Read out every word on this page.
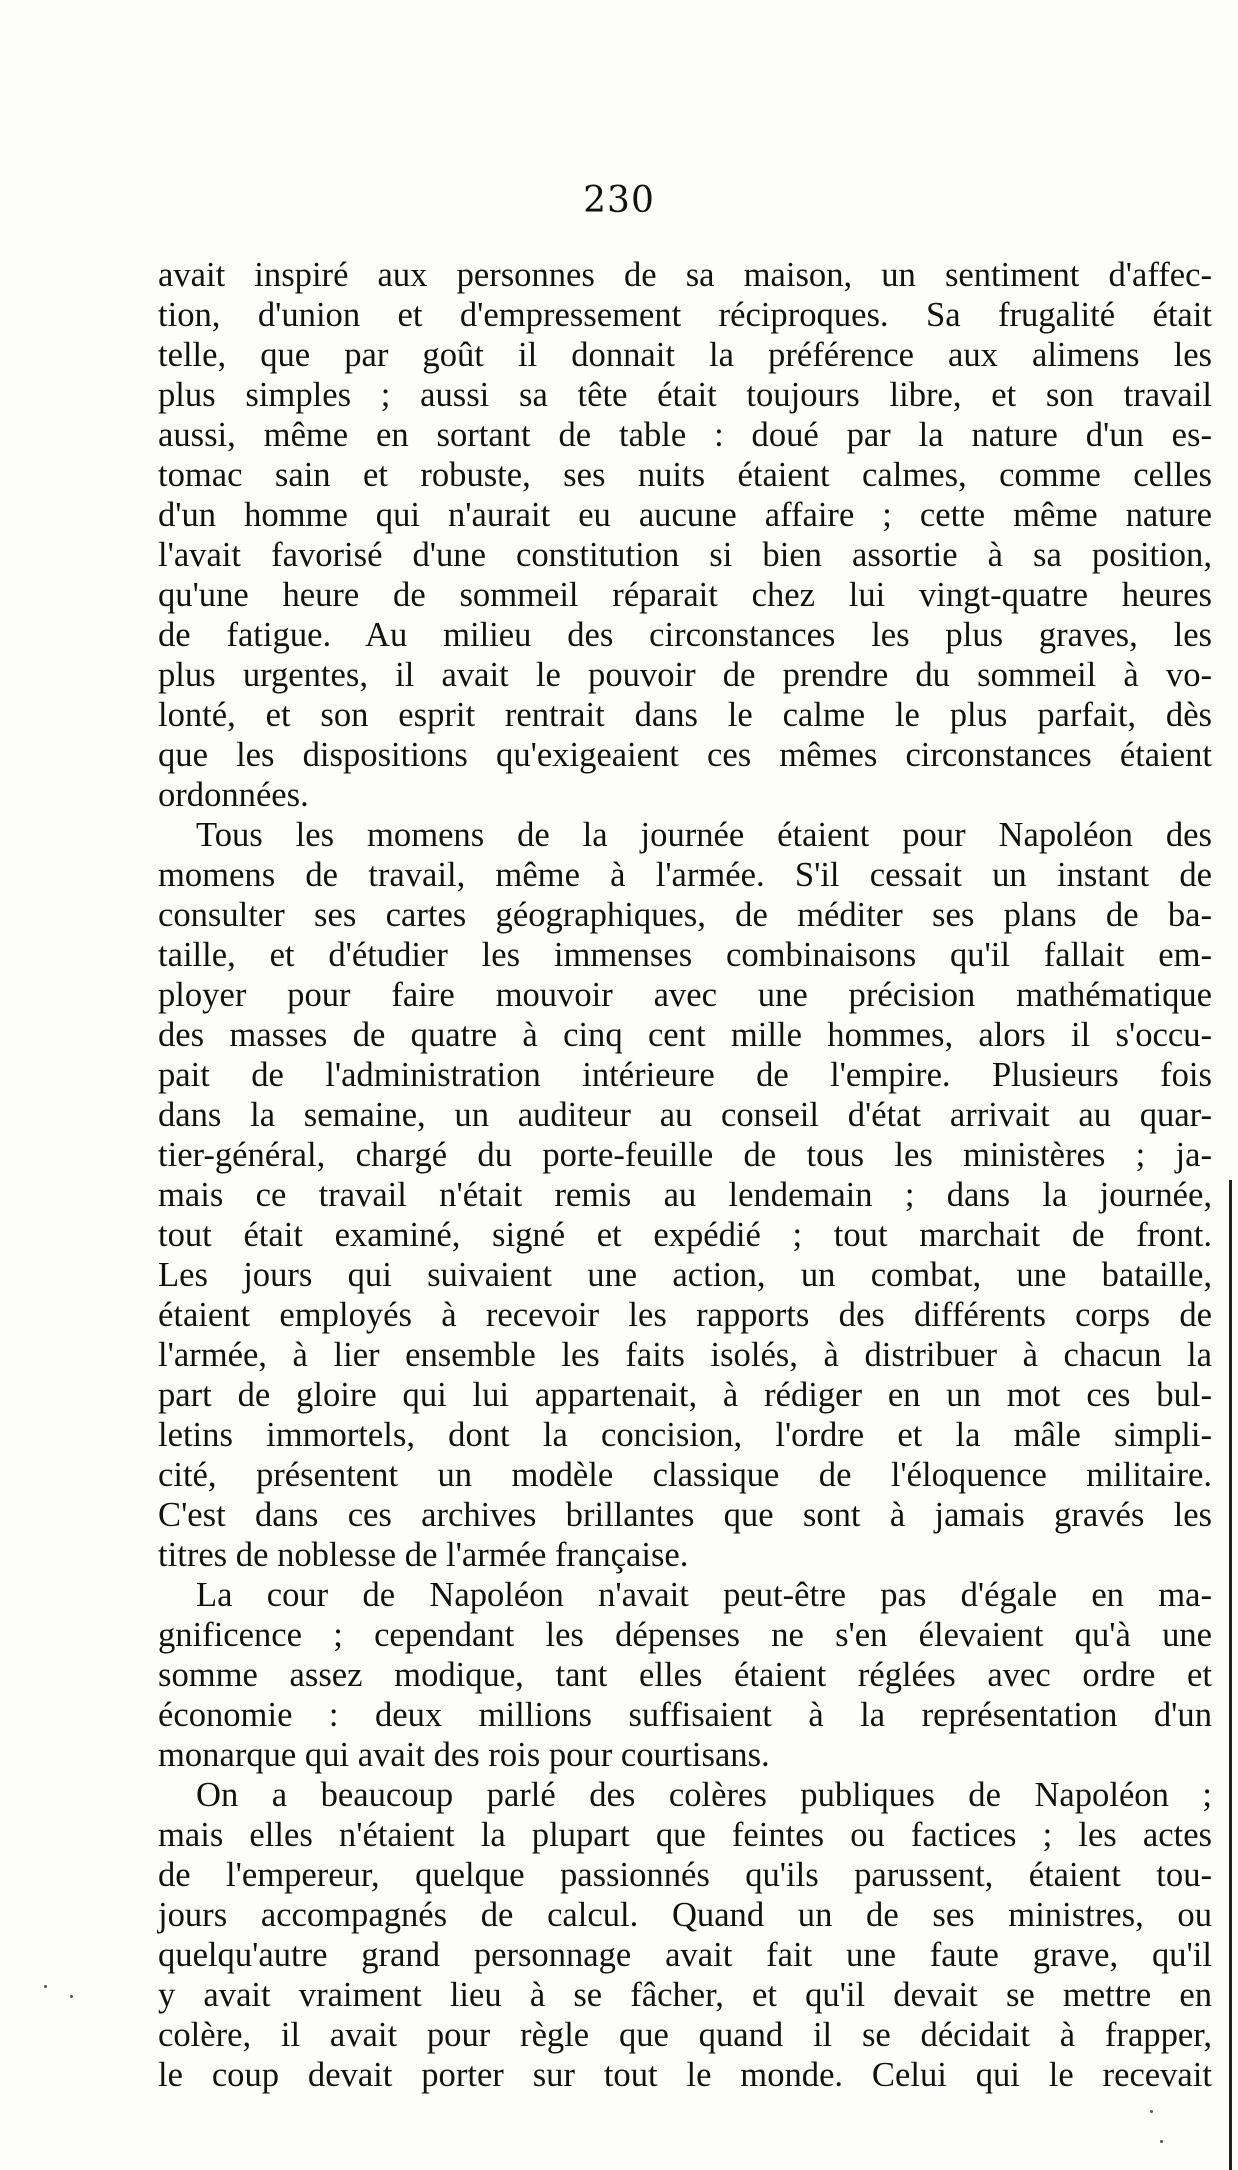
230
avait inspiré aux personnes de sa maison, un sentiment d'affec-
tion, d'union et d'empressement réciproques. Sa frugalité était
telle, que par goût il donnait la préférence aux alimens les
plus simples ; aussi sa tête était toujours libre, et son travail
aussi, même en sortant de table : doué par la nature d'un es-
tomac sain et robuste, ses nuits étaient calmes, comme celles
d'un homme qui n'aurait eu aucune affaire ; cette même nature
l'avait favorisé d'une constitution si bien assortie à sa position,
qu'une heure de sommeil réparait chez lui vingt-quatre heures
de fatigue. Au milieu des circonstances les plus graves, les
plus urgentes, il avait le pouvoir de prendre du sommeil à vo-
lonté, et son esprit rentrait dans le calme le plus parfait, dès
que les dispositions qu'exigeaient ces mêmes circonstances étaient
ordonnées.
Tous les momens de la journée étaient pour Napoléon des
momens de travail, même à l'armée. S'il cessait un instant de
consulter ses cartes géographiques, de méditer ses plans de ba-
taille, et d'étudier les immenses combinaisons qu'il fallait em-
ployer pour faire mouvoir avec une précision mathématique
des masses de quatre à cinq cent mille hommes, alors il s'occu-
pait de l'administration intérieure de l'empire. Plusieurs fois
dans la semaine, un auditeur au conseil d'état arrivait au quar-
tier-général, chargé du porte-feuille de tous les ministères ; ja-
mais ce travail n'était remis au lendemain ; dans la journée,
tout était examiné, signé et expédié ; tout marchait de front.
Les jours qui suivaient une action, un combat, une bataille,
étaient employés à recevoir les rapports des différents corps de
l'armée, à lier ensemble les faits isolés, à distribuer à chacun la
part de gloire qui lui appartenait, à rédiger en un mot ces bul-
letins immortels, dont la concision, l'ordre et la mâle simpli-
cité, présentent un modèle classique de l'éloquence militaire.
C'est dans ces archives brillantes que sont à jamais gravés les
titres de noblesse de l'armée française.
La cour de Napoléon n'avait peut-être pas d'égale en ma-
gnificence ; cependant les dépenses ne s'en élevaient qu'à une
somme assez modique, tant elles étaient réglées avec ordre et
économie : deux millions suffisaient à la représentation d'un
monarque qui avait des rois pour courtisans.
On a beaucoup parlé des colères publiques de Napoléon ;
mais elles n'étaient la plupart que feintes ou factices ; les actes
de l'empereur, quelque passionnés qu'ils parussent, étaient tou-
jours accompagnés de calcul. Quand un de ses ministres, ou
quelqu'autre grand personnage avait fait une faute grave, qu'il
y avait vraiment lieu à se fâcher, et qu'il devait se mettre en
colère, il avait pour règle que quand il se décidait à frapper,
le coup devait porter sur tout le monde. Celui qui le recevait
